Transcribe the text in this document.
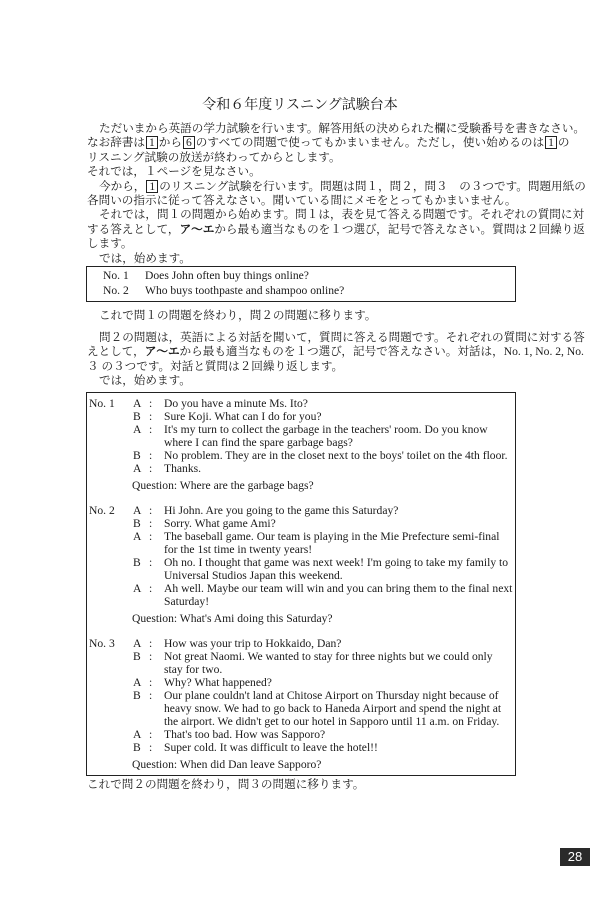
令和６年度リスニング試験台本
ただいまから英語の学力試験を行います。解答用紙の決められた欄に受験番号を書きなさい。
なお辞書は 1 から 6 のすべての問題で使ってもかまいません。ただし，使い始めるのは 1 の
リスニング試験の放送が終わってからとします。
それでは，１ページを見なさい。
今から， 1 のリスニング試験を行います。問題は問１，問２，問３　の３つです。問題用紙の
各問いの指示に従って答えなさい。聞いている間にメモをとってもかまいません。
それでは，問１の問題から始めます。問１は，表を見て答える問題です。それぞれの質問に対
する答えとして，ア〜エから最も適当なものを１つ選び，記号で答えなさい。質問は２回繰り返
します。
では，始めます。
No. 1 Does John often buy things online?
No. 2 Who buys toothpaste and shampoo online?
これで問１の問題を終わり，問２の問題に移ります。
問２の問題は，英語による対話を聞いて，質問に答える問題です。それぞれの質問に対する答
えとして，ア〜エから最も適当なものを１つ選び，記号で答えなさい。対話は，No. 1, No. 2, No.
３ の３つです。対話と質問は２回繰り返します。
では，始めます。
No. 1 A : Do you have a minute Ms. Ito?
B : Sure Koji. What can I do for you?
A : It's my turn to collect the garbage in the teachers' room. Do you know
where I can find the spare garbage bags?
B : No problem. They are in the closet next to the boys' toilet on the 4th floor.
A : Thanks.
Question: Where are the garbage bags?
No. 2 A : Hi John. Are you going to the game this Saturday?
B : Sorry. What game Ami?
A : The baseball game. Our team is playing in the Mie Prefecture semi-final
for the 1st time in twenty years!
B : Oh no. I thought that game was next week! I'm going to take my family to
Universal Studios Japan this weekend.
A : Ah well. Maybe our team will win and you can bring them to the final next
Saturday!
Question: What's Ami doing this Saturday?
No. 3 A : How was your trip to Hokkaido, Dan?
B : Not great Naomi. We wanted to stay for three nights but we could only
stay for two.
A : Why? What happened?
B : Our plane couldn't land at Chitose Airport on Thursday night because of
heavy snow. We had to go back to Haneda Airport and spend the night at
the airport. We didn't get to our hotel in Sapporo until 11 a.m. on Friday.
A : That's too bad. How was Sapporo?
B : Super cold. It was difficult to leave the hotel!!
Question: When did Dan leave Sapporo?
これで問２の問題を終わり，問３の問題に移ります。
28
